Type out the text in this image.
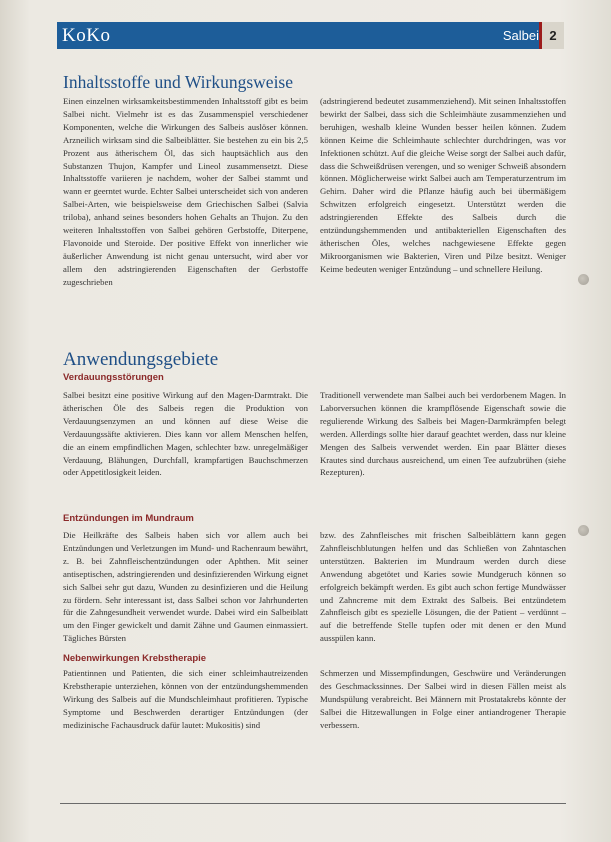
KoKo	Salbei 2
Inhaltsstoffe und Wirkungsweise

Einen einzelnen wirksamkeitsbestimmenden Inhaltsstoff gibt es beim Salbei nicht. Vielmehr ist es das Zusammenspiel verschiedener Komponenten, welche die Wirkungen des Salbeis auslöser können. Arzneilich wirksam sind die Salbeiblätter. Sie bestehen zu ein bis 2,5 Prozent aus ätherischem Öl, das sich hauptsächlich aus den Substanzen Thujon, Kampfer und Lineol zusammensetzt. Diese Inhaltsstoffe variieren je nachdem, woher der Salbei stammt und wann er geerntet wurde. Echter Salbei unterscheidet sich von anderen Salbei-Arten, wie beispielsweise dem Griechischen Salbei (Salvia triloba), anhand seines besonders hohen Gehalts an Thujon. Zu den weiteren Inhaltsstoffen von Salbei gehören Gerbstoffe, Diterpene, Flavonoide und Steroide. Der positive Effekt von innerlicher wie äußerlicher Anwendung ist nicht genau untersucht, wird aber vor allem den adstringierenden Eigenschaften der Gerbstoffe zugeschrieben

(adstringierend bedeutet zusammenziehend). Mit seinen Inhaltsstoffen bewirkt der Salbei, dass sich die Schleimhäute zusammenziehen und beruhigen, weshalb kleine Wunden besser heilen können. Zudem können Keime die Schleimhaute schlechter durchdringen, was vor Infektionen schützt. Auf die gleiche Weise sorgt der Salbei auch dafür, dass die Schweißdrüsen verengen, und so weniger Schweiß absondern können. Möglicherweise wirkt Salbei auch am Temperaturzentrum im Gehirn. Daher wird die Pflanze häufig auch bei übermäßigem Schwitzen erfolgreich eingesetzt. Unterstützt werden die adstringierenden Effekte des Salbeis durch die entzündungshemmenden und antibakteriellen Eigenschaften des ätherischen Öles, welches nachgewiesene Effekte gegen Mikroorganismen wie Bakterien, Viren und Pilze besitzt. Weniger Keime bedeuten weniger Entzündung – und schnellere Heilung.

Anwendungsgebiete
Verdauungsstörungen

Salbei besitzt eine positive Wirkung auf den Magen-Darmtrakt. Die ätherischen Öle des Salbeis regen die Produktion von Verdauungsenzymen an und können auf diese Weise die Verdauungssäfte aktivieren. Dies kann vor allem Menschen helfen, die an einem empfindlichen Magen, schlechter bzw. unregelmäßiger Verdauung, Blähungen, Durchfall, krampfartigen Bauchschmerzen oder Appetitlosigkeit leiden.

Traditionell verwendete man Salbei auch bei verdorbenem Magen. In Laborversuchen können die krampflösende Eigenschaft sowie die regulierende Wirkung des Salbeis bei Magen-Darmkrämpfen belegt werden. Allerdings sollte hier darauf geachtet werden, dass nur kleine Mengen des Salbeis verwendet werden. Ein paar Blätter dieses Krautes sind durchaus ausreichend, um einen Tee aufzubrühen (siehe Rezepturen).

Entzündungen im Mundraum

Die Heilkräfte des Salbeis haben sich vor allem auch bei Entzündungen und Verletzungen im Mund- und Rachenraum bewährt, z. B. bei Zahnfleischentzündungen oder Aphthen. Mit seiner antiseptischen, adstringierenden und desinfizierenden Wirkung eignet sich Salbei sehr gut dazu, Wunden zu desinfizieren und die Heilung zu fördern. Sehr interessant ist, dass Salbei schon vor Jahrhunderten für die Zahngesundheit verwendet wurde. Dabei wird ein Salbeiblatt um den Finger gewickelt und damit Zähne und Gaumen einmassiert. Tägliches Bürsten

bzw. des Zahnfleisches mit frischen Salbeiblättern kann gegen Zahnfleischblutungen helfen und das Schließen von Zahntaschen unterstützen. Bakterien im Mundraum werden durch diese Anwendung abgetötet und Karies sowie Mundgeruch können so erfolgreich bekämpft werden. Es gibt auch schon fertige Mundwässer und Zahncreme mit dem Extrakt des Salbeis. Bei entzündetem Zahnfleisch gibt es spezielle Lösungen, die der Patient – verdünnt – auf die betreffende Stelle tupfen oder mit denen er den Mund ausspülen kann.

Nebenwirkungen Krebstherapie

Patientinnen und Patienten, die sich einer schleimhautreizenden Krebstherapie unterziehen, können von der entzündungshemmenden Wirkung des Salbeis auf die Mundschleimhaut profitieren. Typische Symptome und Beschwerden derartiger Entzündungen (der medizinische Fachausdruck dafür lautet: Mukositis) sind

Schmerzen und Missempfindungen, Geschwüre und Veränderungen des Geschmackssinnes. Der Salbei wird in diesen Fällen meist als Mundspülung verabreicht. Bei Männern mit Prostatakrebs könnte der Salbei die Hitzewallungen in Folge einer antiandrogener Therapie verbessern.
